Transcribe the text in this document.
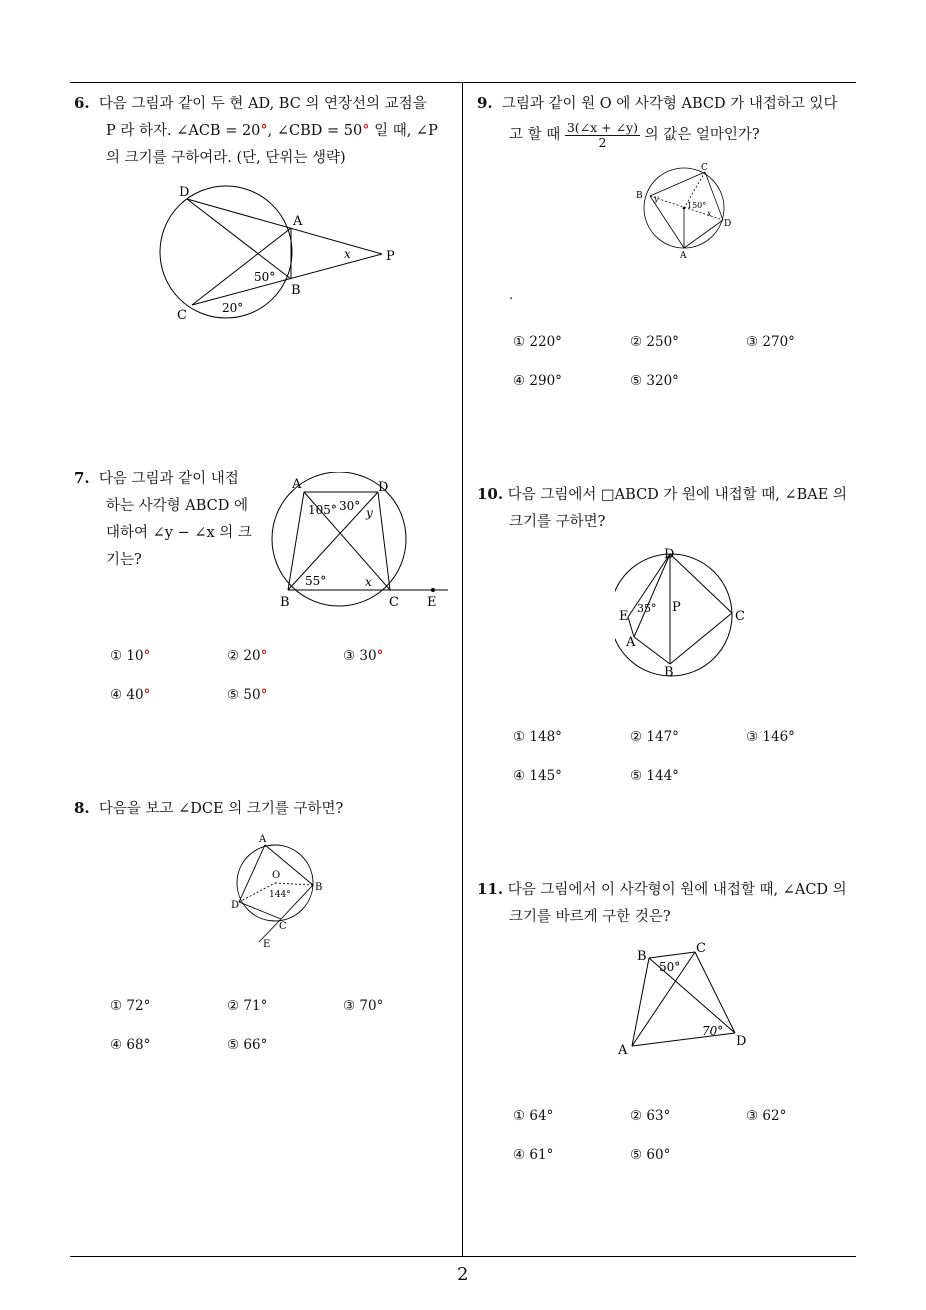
6. 다음 그림과 같이 두 현 AD, BC 의 연장선의 교점을
P 라 하자. ∠ACB = 20°, ∠CBD = 50° 일 때, ∠P
의 크기를 구하여라. (단, 단위는 생략)
D
A
P
B
C
50°
20°
x
7. 다음 그림과 같이 내접
하는 사각형 ABCD 에
대하여 ∠y − ∠x 의 크
기는?
A	D
B	C E
105° 30°
55°
y
x
① 10°	② 20°	③ 30°
④ 40°	⑤ 50°
8. 다음을 보고 ∠DCE 의 크기를 구하면?
A
O
B
D
C
E
144°
① 72°	② 71°	③ 70°
④ 68°	⑤ 66°
9. 그림과 같이 원 O 에 사각형 ABCD 가 내접하고 있다
고 할 때 $\frac{3(\angle x + \angle y)}{2}$ 의 값은 얼마인가?
C
B y
150°
x
D
A
.
① 220°	② 250°	③ 270°
④ 290°	⑤ 320°
10. 다음 그림에서 □ABCD 가 원에 내접할 때, ∠BAE 의
크기를 구하면?
D
E
35° P
C
A
B
① 148°	② 147°	③ 146°
④ 145°	⑤ 144°
11. 다음 그림에서 이 사각형이 원에 내접할 때, ∠ACD 의
크기를 바르게 구한 것은?
B
C
50°
70°
A
D
① 64°	② 63°	③ 62°
④ 61°	⑤ 60°
2
